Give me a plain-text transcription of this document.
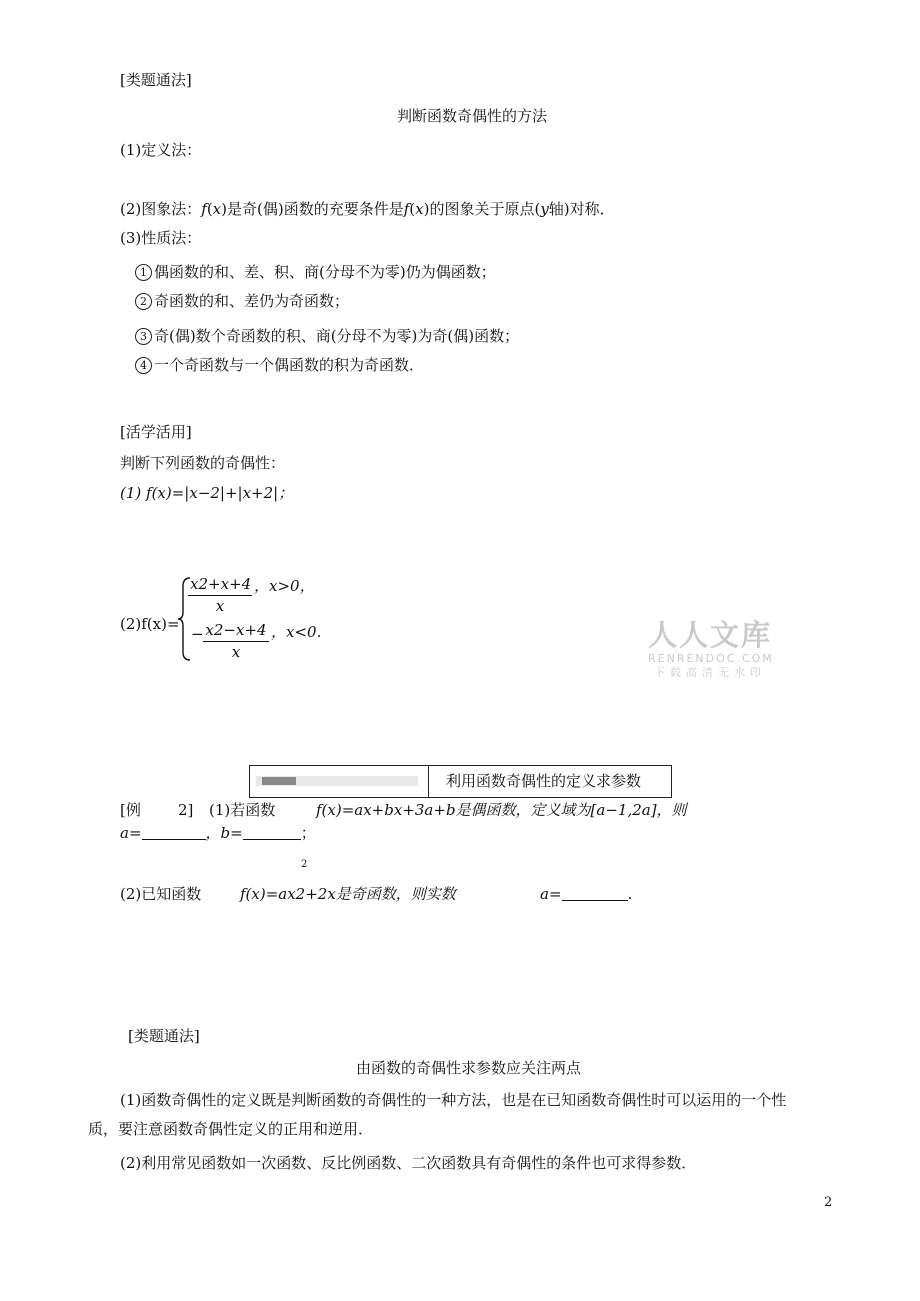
[类题通法]
判断函数奇偶性的方法
(1)定义法：
(2)图象法：f(x)是奇(偶)函数的充要条件是f(x)的图象关于原点(y轴)对称．
(3)性质法：
1 偶函数的和、差、积、商(分母不为零)仍为偶函数；
2 奇函数的和、差仍为奇函数；
3 奇(偶)数个奇函数的积、商(分母不为零)为奇(偶)函数；
4 一个奇函数与一个偶函数的积为奇函数．
[活学活用]
判断下列函数的奇偶性：
(1) f(x)=|x−2|+|x+2|；
(2)f(x)=
$\frac{x2+x+4}{x}$ ，x>0，
− $\frac{x2-x+4}{x}$ ，x<0.	人人文库
RENRENDOC.COM
下载高清无水印
利用函数奇偶性的定义求参数
[例 2] (1)若函数	f(x)=ax+bx+3a+b是偶函数，定义域为[a−1,2a]，则
a=	，b=	；
2
(2)已知函数	f(x)=ax2+2x是奇函数，则实数	a=	.
[类题通法]
由函数的奇偶性求参数应关注两点
(1)函数奇偶性的定义既是判断函数的奇偶性的一种方法，也是在已知函数奇偶性时可以运用的一个性
质，要注意函数奇偶性定义的正用和逆用．
(2)利用常见函数如一次函数、反比例函数、二次函数具有奇偶性的条件也可求得参数．
2
